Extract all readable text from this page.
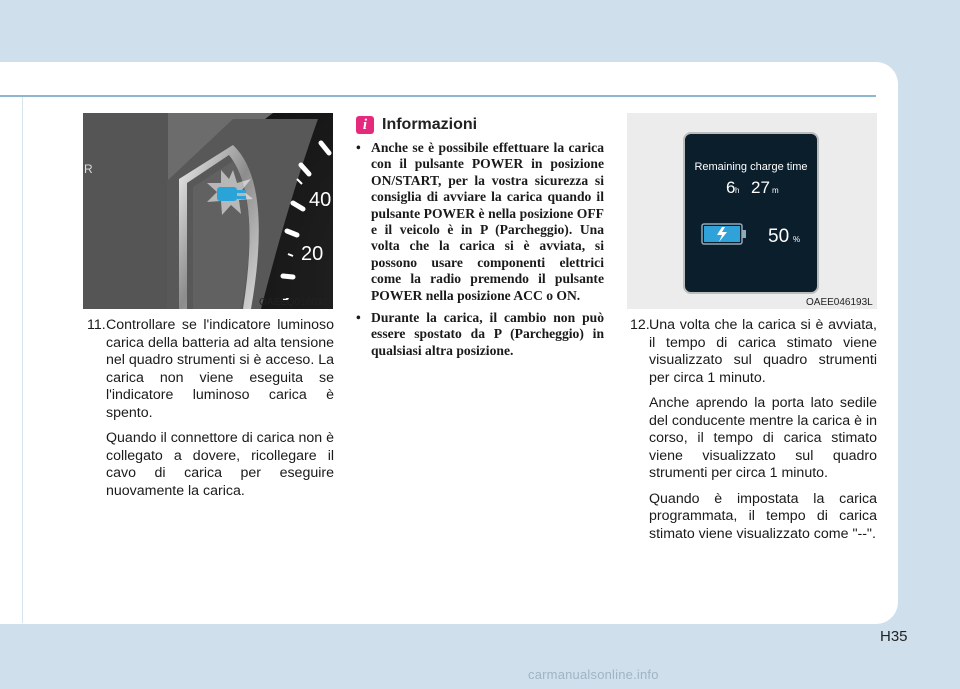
40
20
R
OAEEQ016032
Remaining charge time
6 h 27 m
50 %
OAEE046193L
11. Controllare se l'indicatore luminoso carica della batteria ad alta tensione nel quadro strumenti si è acceso. La carica non viene eseguita se l'indicatore luminoso carica è spento.

Quando il connettore di carica non è collegato a dovere, ricollegare il cavo di carica per eseguire nuovamente la carica.

i Informazioni
• Anche se è possibile effettuare la carica con il pulsante POWER in posizione ON/START, per la vostra sicurezza si consiglia di avviare la carica quando il pulsante POWER è nella posizione OFF e il veicolo è in P (Parcheggio). Una volta che la carica si è avviata, si possono usare componenti elettrici come la radio premendo il pulsante POWER nella posizione ACC o ON.
• Durante la carica, il cambio non può essere spostato da P (Parcheggio) in qualsiasi altra posizione.
12. Una volta che la carica si è avviata, il tempo di carica stimato viene visualizzato sul quadro strumenti per circa 1 minuto.

Anche aprendo la porta lato sedile del conducente mentre la carica è in corso, il tempo di carica stimato viene visualizzato sul quadro strumenti per circa 1 minuto.

Quando è impostata la carica programmata, il tempo di carica stimato viene visualizzato come "--".

H35
carmanualsonline.info
